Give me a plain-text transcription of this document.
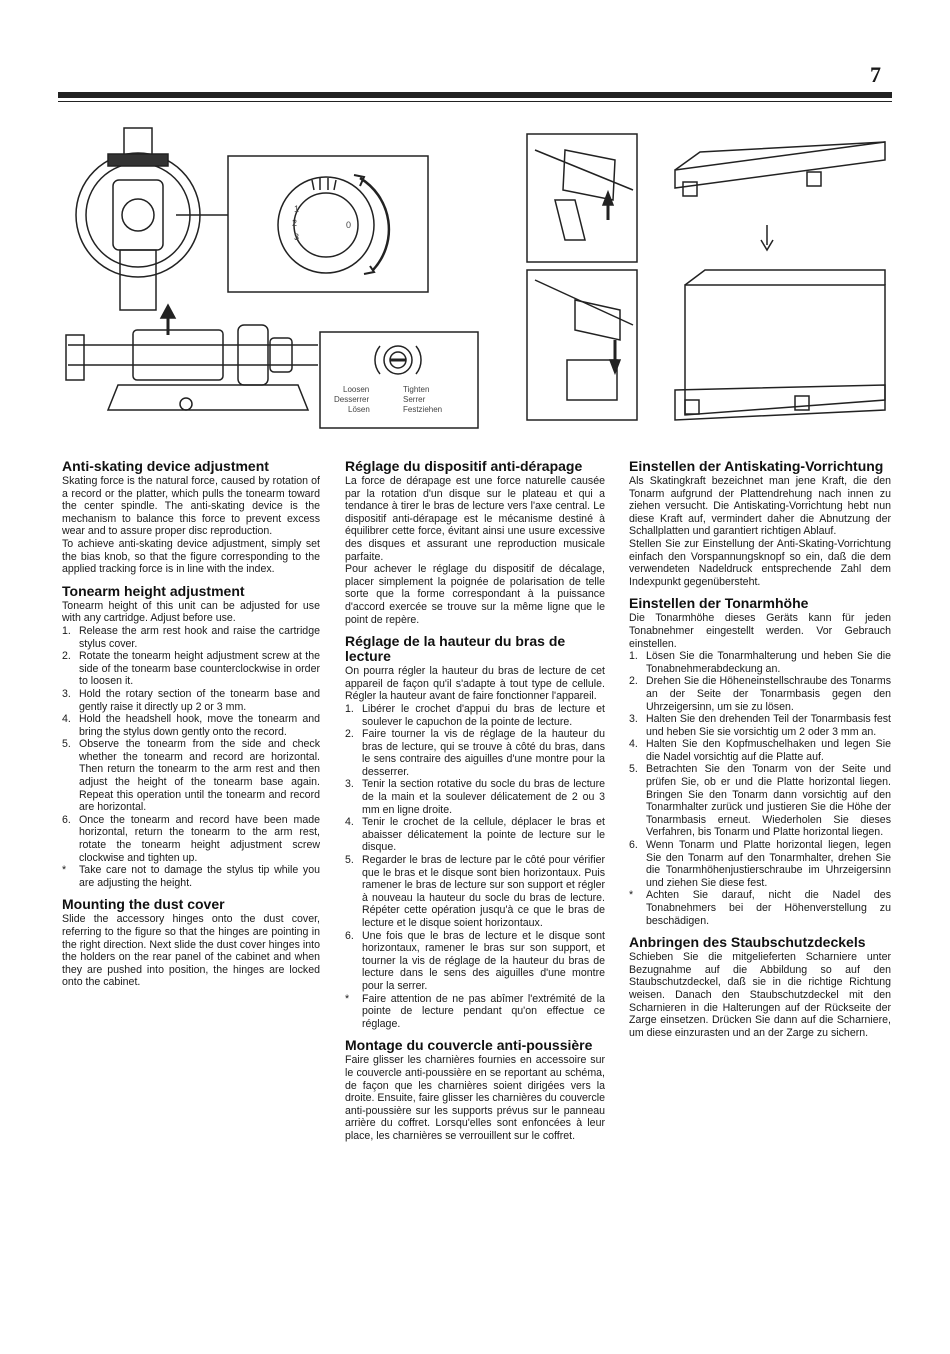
7
Loosen	Tighten
Desserrer	Serrer
Lösen	Festziehen
1
2
3
0
Anti-skating device adjustment

Skating force is the natural force, caused by rotation of a record or the platter, which pulls the tonearm toward the center spindle. The anti-skating device is the mechanism to balance this force to prevent excess wear and to assure proper disc reproduction.

To achieve anti-skating device adjustment, simply set the bias knob, so that the figure corresponding to the applied tracking force is in line with the index.

Tonearm height adjustment

Tonearm height of this unit can be adjusted for use with any cartridge. Adjust before use.

1. Release the arm rest hook and raise the cartridge stylus cover.
2. Rotate the tonearm height adjustment screw at the side of the tonearm base counterclockwise in order to loosen it.
3. Hold the rotary section of the tonearm base and gently raise it directly up 2 or 3 mm.
4. Hold the headshell hook, move the tonearm and bring the stylus down gently onto the record.
5. Observe the tonearm from the side and check whether the tonearm and record are horizontal. Then return the tonearm to the arm rest and then adjust the height of the tonearm base again. Repeat this operation until the tonearm and record are horizontal.
6. Once the tonearm and record have been made horizontal, return the tonearm to the arm rest, rotate the tonearm height adjustment screw clockwise and tighten up.
* Take care not to damage the stylus tip while you are adjusting the height.
Mounting the dust cover

Slide the accessory hinges onto the dust cover, referring to the figure so that the hinges are pointing in the right direction. Next slide the dust cover hinges into the holders on the rear panel of the cabinet and when they are pushed into position, the hinges are locked onto the cabinet.

Réglage du dispositif anti-dérapage

La force de dérapage est une force naturelle causée par la rotation d'un disque sur le plateau et qui a tendance à tirer le bras de lecture vers l'axe central. Le dispositif anti-dérapage est le mécanisme destiné à équilibrer cette force, évitant ainsi une usure excessive des disques et assurant une reproduction musicale parfaite.

Pour achever le réglage du dispositif de décalage, placer simplement la poignée de polarisation de telle sorte que la forme correspondant à la puissance d'accord exercée se trouve sur la même ligne que le point de repère.

Réglage de la hauteur du bras de lecture

On pourra régler la hauteur du bras de lecture de cet appareil de façon qu'il s'adapte à tout type de cellule. Régler la hauteur avant de faire fonctionner l'appareil.

1. Libérer le crochet d'appui du bras de lecture et soulever le capuchon de la pointe de lecture.
2. Faire tourner la vis de réglage de la hauteur du bras de lecture, qui se trouve à côté du bras, dans le sens contraire des aiguilles d'une montre pour la desserrer.
3. Tenir la section rotative du socle du bras de lecture de la main et la soulever délicatement de 2 ou 3 mm en ligne droite.
4. Tenir le crochet de la cellule, déplacer le bras et abaisser délicatement la pointe de lecture sur le disque.
5. Regarder le bras de lecture par le côté pour vérifier que le bras et le disque sont bien horizontaux. Puis ramener le bras de lecture sur son support et régler à nouveau la hauteur du socle du bras de lecture. Répéter cette opération jusqu'à ce que le bras de lecture et le disque soient horizontaux.
6. Une fois que le bras de lecture et le disque sont horizontaux, ramener le bras sur son support, et tourner la vis de réglage de la hauteur du bras de lecture dans le sens des aiguilles d'une montre pour la serrer.
* Faire attention de ne pas abîmer l'extrémité de la pointe de lecture pendant qu'on effectue ce réglage.
Montage du couvercle anti-poussière

Faire glisser les charnières fournies en accessoire sur le couvercle anti-poussière en se reportant au schéma, de façon que les charnières soient dirigées vers la droite. Ensuite, faire glisser les charnières du couvercle anti-poussière sur les supports prévus sur le panneau arrière du coffret. Lorsqu'elles sont enfoncées à leur place, les charnières se verrouillent sur le coffret.

Einstellen der Antiskating-Vorrichtung

Als Skatingkraft bezeichnet man jene Kraft, die den Tonarm aufgrund der Plattendrehung nach innen zu ziehen versucht. Die Antiskating-Vorrichtung hebt nun diese Kraft auf, vermindert daher die Abnutzung der Schallplatten und garantiert richtigen Ablauf.

Stellen Sie zur Einstellung der Anti-Skating-Vorrichtung einfach den Vorspannungsknopf so ein, daß die dem verwendeten Nadeldruck entsprechende Zahl dem Indexpunkt gegenübersteht.

Einstellen der Tonarmhöhe

Die Tonarmhöhe dieses Geräts kann für jeden Tonabnehmer eingestellt werden. Vor Gebrauch einstellen.

1. Lösen Sie die Tonarmhalterung und heben Sie die Tonabnehmerabdeckung an.
2. Drehen Sie die Höheneinstellschraube des Tonarms an der Seite der Tonarmbasis gegen den Uhrzeigersinn, um sie zu lösen.
3. Halten Sie den drehenden Teil der Tonarmbasis fest und heben Sie sie vorsichtig um 2 oder 3 mm an.
4. Halten Sie den Kopfmuschelhaken und legen Sie die Nadel vorsichtig auf die Platte auf.
5. Betrachten Sie den Tonarm von der Seite und prüfen Sie, ob er und die Platte horizontal liegen. Bringen Sie den Tonarm dann vorsichtig auf den Tonarmhalter zurück und justieren Sie die Höhe der Tonarmbasis erneut. Wiederholen Sie dieses Verfahren, bis Tonarm und Platte horizontal liegen.
6. Wenn Tonarm und Platte horizontal liegen, legen Sie den Tonarm auf den Tonarmhalter, drehen Sie die Tonarmhöhenjustierschraube im Uhrzeigersinn und ziehen Sie diese fest.
* Achten Sie darauf, nicht die Nadel des Tonabnehmers bei der Höhenverstellung zu beschädigen.
Anbringen des Staubschutzdeckels

Schieben Sie die mitgelieferten Scharniere unter Bezugnahme auf die Abbildung so auf den Staubschutzdeckel, daß sie in die richtige Richtung weisen. Danach den Staubschutzdeckel mit den Scharnieren in die Halterungen auf der Rückseite der Zarge einsetzen. Drücken Sie dann auf die Scharniere, um diese einzurasten und an der Zarge zu sichern.
